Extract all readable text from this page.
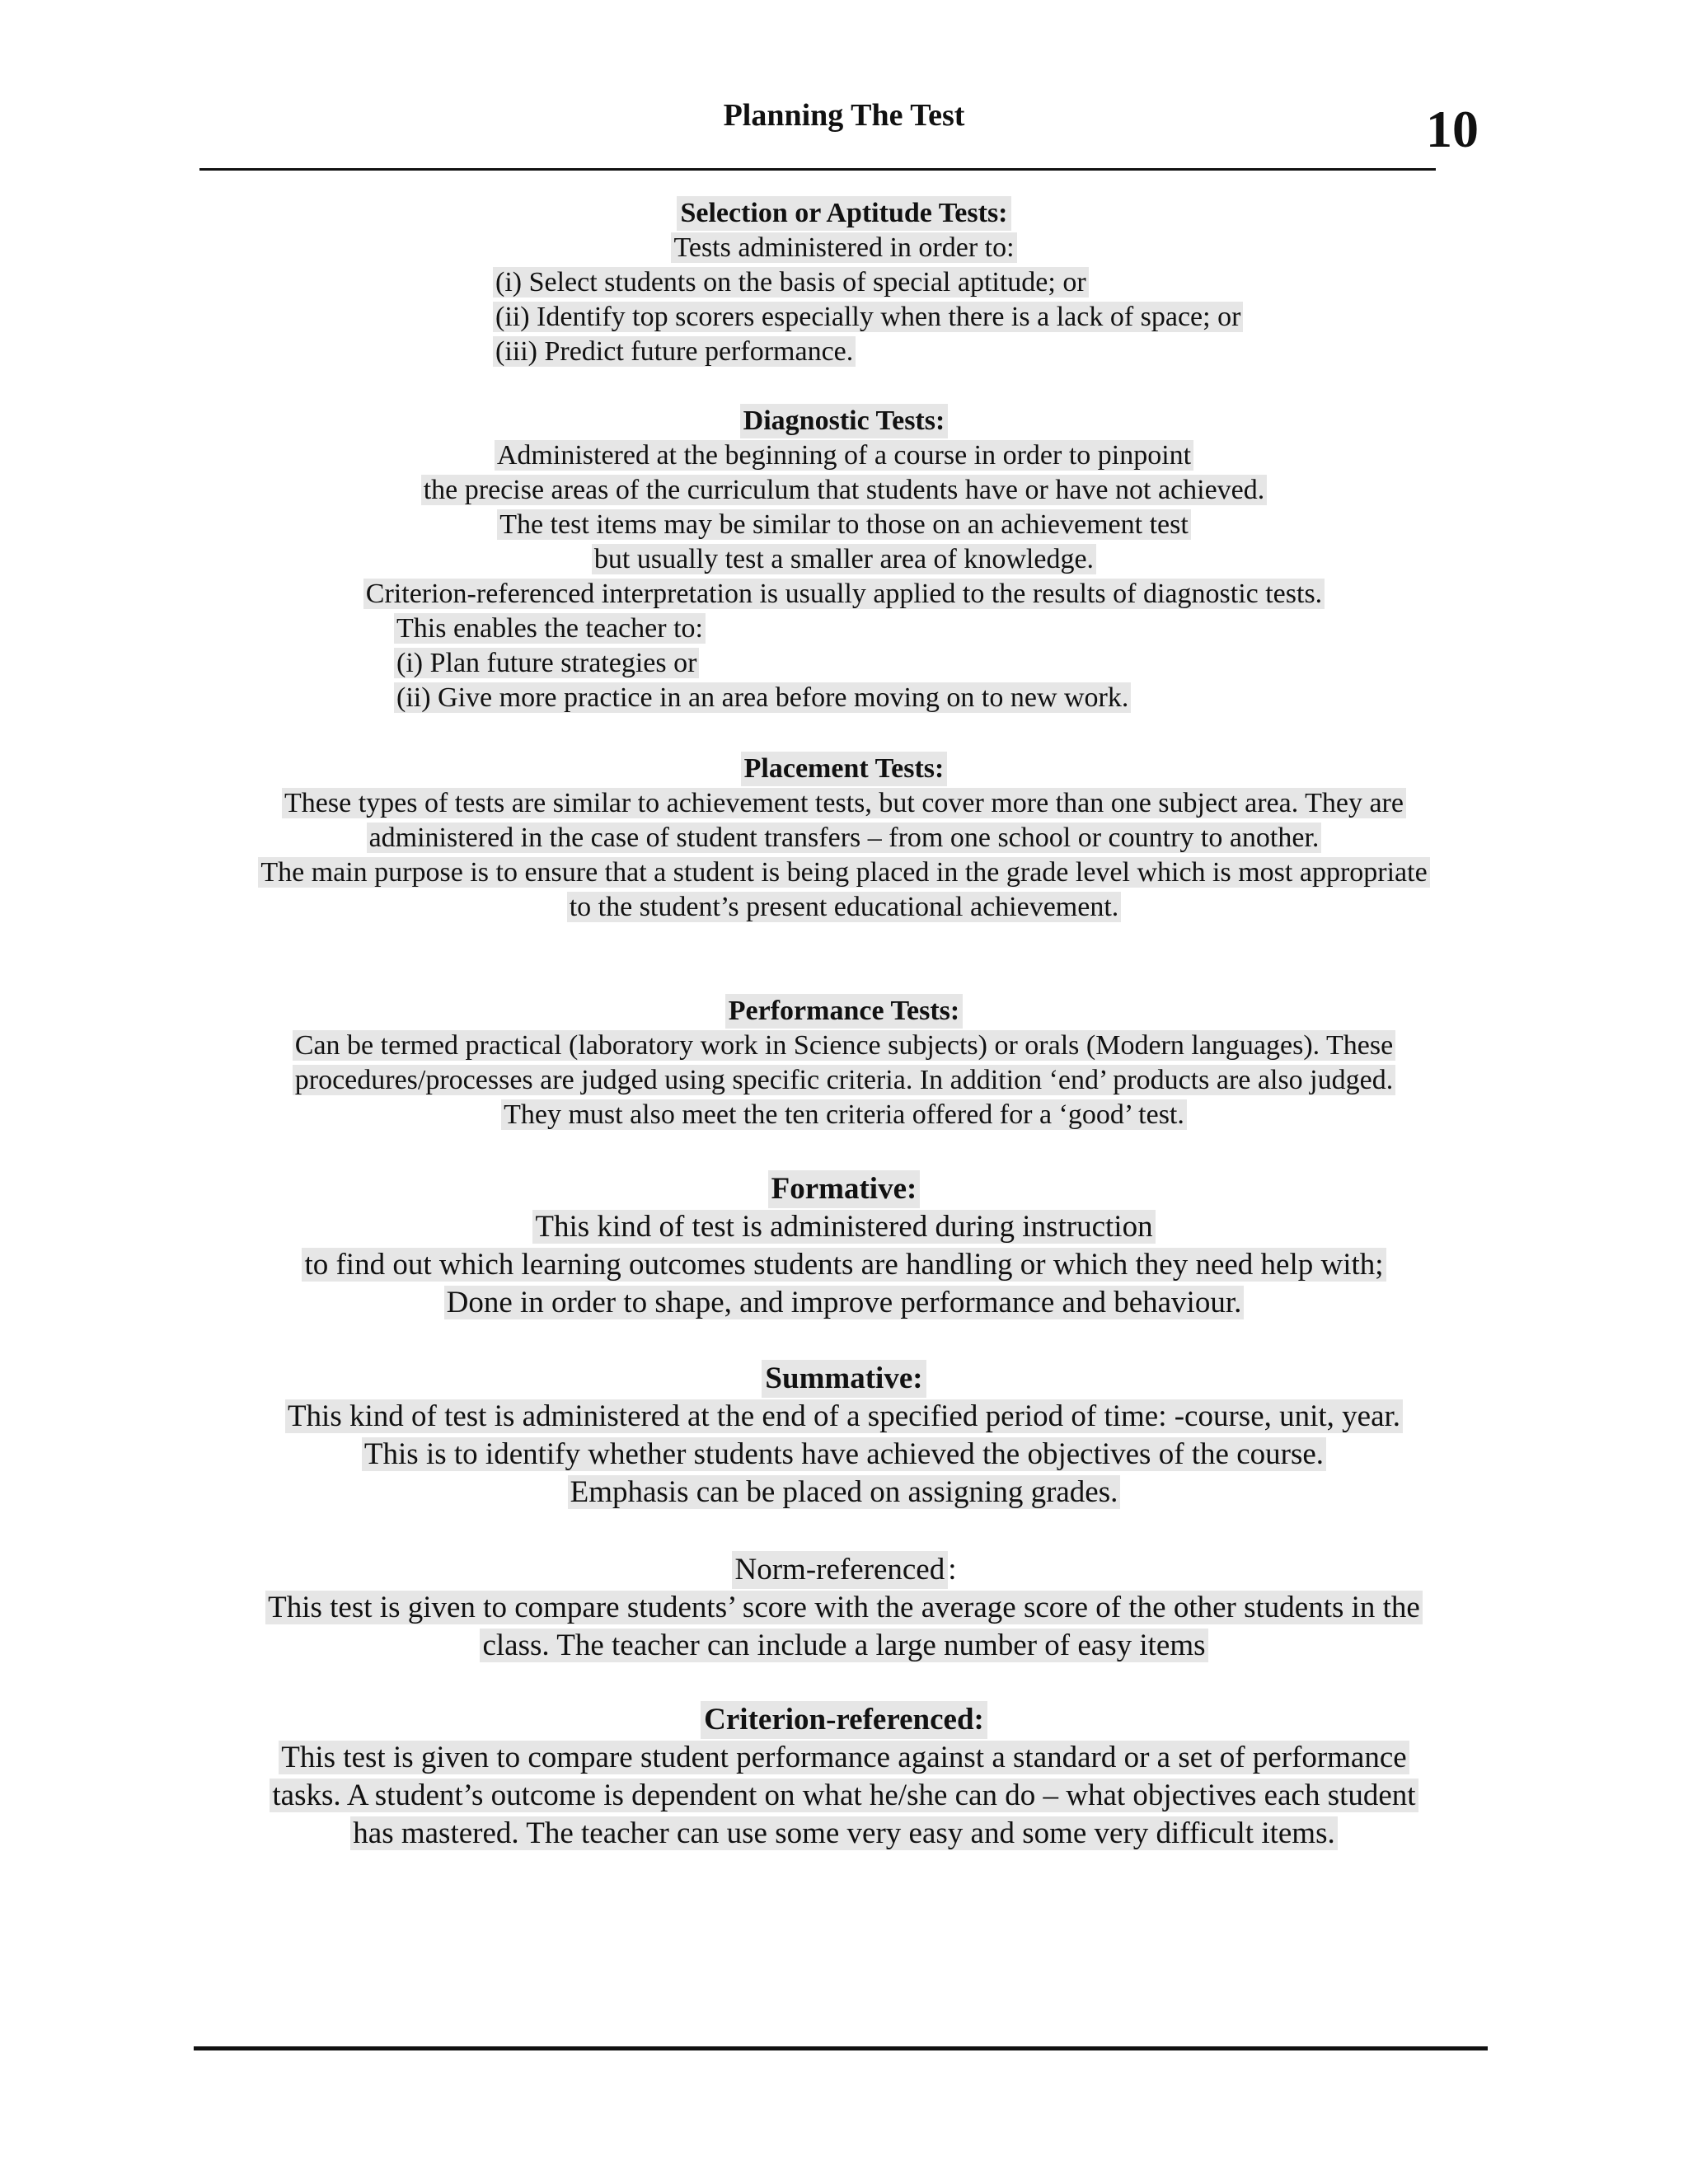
Planning The Test	10
Selection or Aptitude Tests:
Tests administered in order to:
(i) Select students on the basis of special aptitude; or
(ii) Identify top scorers especially when there is a lack of space; or
(iii) Predict future performance.
Diagnostic Tests:
Administered at the beginning of a course in order to pinpoint
the precise areas of the curriculum that students have or have not achieved.
The test items may be similar to those on an achievement test
but usually test a smaller area of knowledge.
Criterion-referenced interpretation is usually applied to the results of diagnostic tests.
This enables the teacher to:
(i) Plan future strategies or
(ii) Give more practice in an area before moving on to new work.
Placement Tests:
These types of tests are similar to achievement tests, but cover more than one subject area. They are
administered in the case of student transfers – from one school or country to another.
The main purpose is to ensure that a student is being placed in the grade level which is most appropriate
to the student’s present educational achievement.
Performance Tests:
Can be termed practical (laboratory work in Science subjects) or orals (Modern languages). These
procedures/processes are judged using specific criteria. In addition ‘end’ products are also judged.
They must also meet the ten criteria offered for a ‘good’ test.
Formative:
This kind of test is administered during instruction
to find out which learning outcomes students are handling or which they need help with;
Done in order to shape, and improve performance and behaviour.
Summative:
This kind of test is administered at the end of a specified period of time: -course, unit, year.
This is to identify whether students have achieved the objectives of the course.
Emphasis can be placed on assigning grades.
Norm-referenced :
This test is given to compare students’ score with the average score of the other students in the
class. The teacher can include a large number of easy items
Criterion-referenced:
This test is given to compare student performance against a standard or a set of performance
tasks. A student’s outcome is dependent on what he/she can do – what objectives each student
has mastered. The teacher can use some very easy and some very difficult items.
